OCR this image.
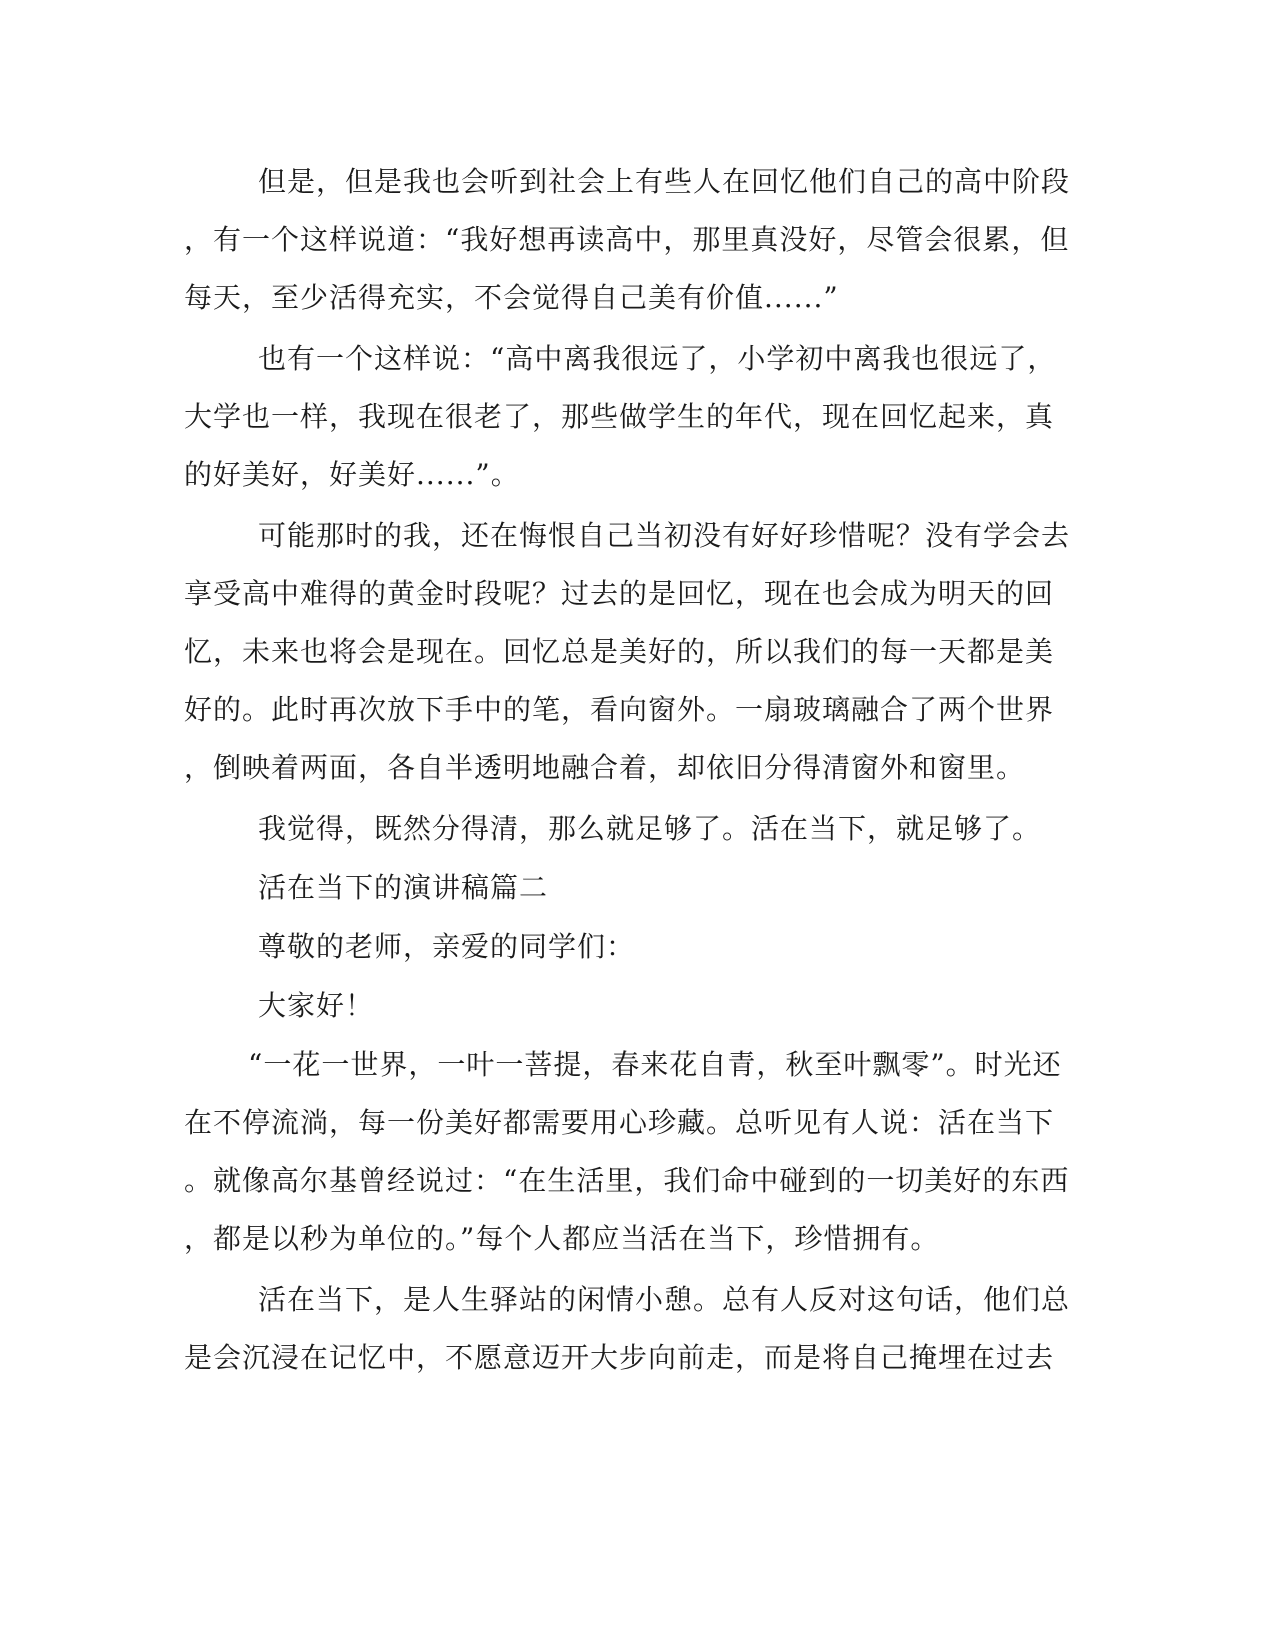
但是，但是我也会听到社会上有些人在回忆他们自己的高中阶段
，有一个这样说道：“我好想再读高中，那里真没好，尽管会很累，但
每天，至少活得充实，不会觉得自己美有价值......”
也有一个这样说：“高中离我很远了，小学初中离我也很远了，
大学也一样，我现在很老了，那些做学生的年代，现在回忆起来，真
的好美好，好美好......”。
可能那时的我，还在悔恨自己当初没有好好珍惜呢？没有学会去
享受高中难得的黄金时段呢？过去的是回忆，现在也会成为明天的回
忆，未来也将会是现在。回忆总是美好的，所以我们的每一天都是美
好的。此时再次放下手中的笔，看向窗外。一扇玻璃融合了两个世界
，倒映着两面，各自半透明地融合着，却依旧分得清窗外和窗里。
我觉得，既然分得清，那么就足够了。活在当下，就足够了。
活在当下的演讲稿篇二
尊敬的老师，亲爱的同学们：
大家好！
“一花一世界，一叶一菩提，春来花自青，秋至叶飘零”。时光还
在不停流淌，每一份美好都需要用心珍藏。总听见有人说：活在当下
。就像高尔基曾经说过：“在生活里，我们命中碰到的一切美好的东西
，都是以秒为单位的。”每个人都应当活在当下，珍惜拥有。
活在当下，是人生驿站的闲情小憩。总有人反对这句话，他们总
是会沉浸在记忆中，不愿意迈开大步向前走，而是将自己掩埋在过去
